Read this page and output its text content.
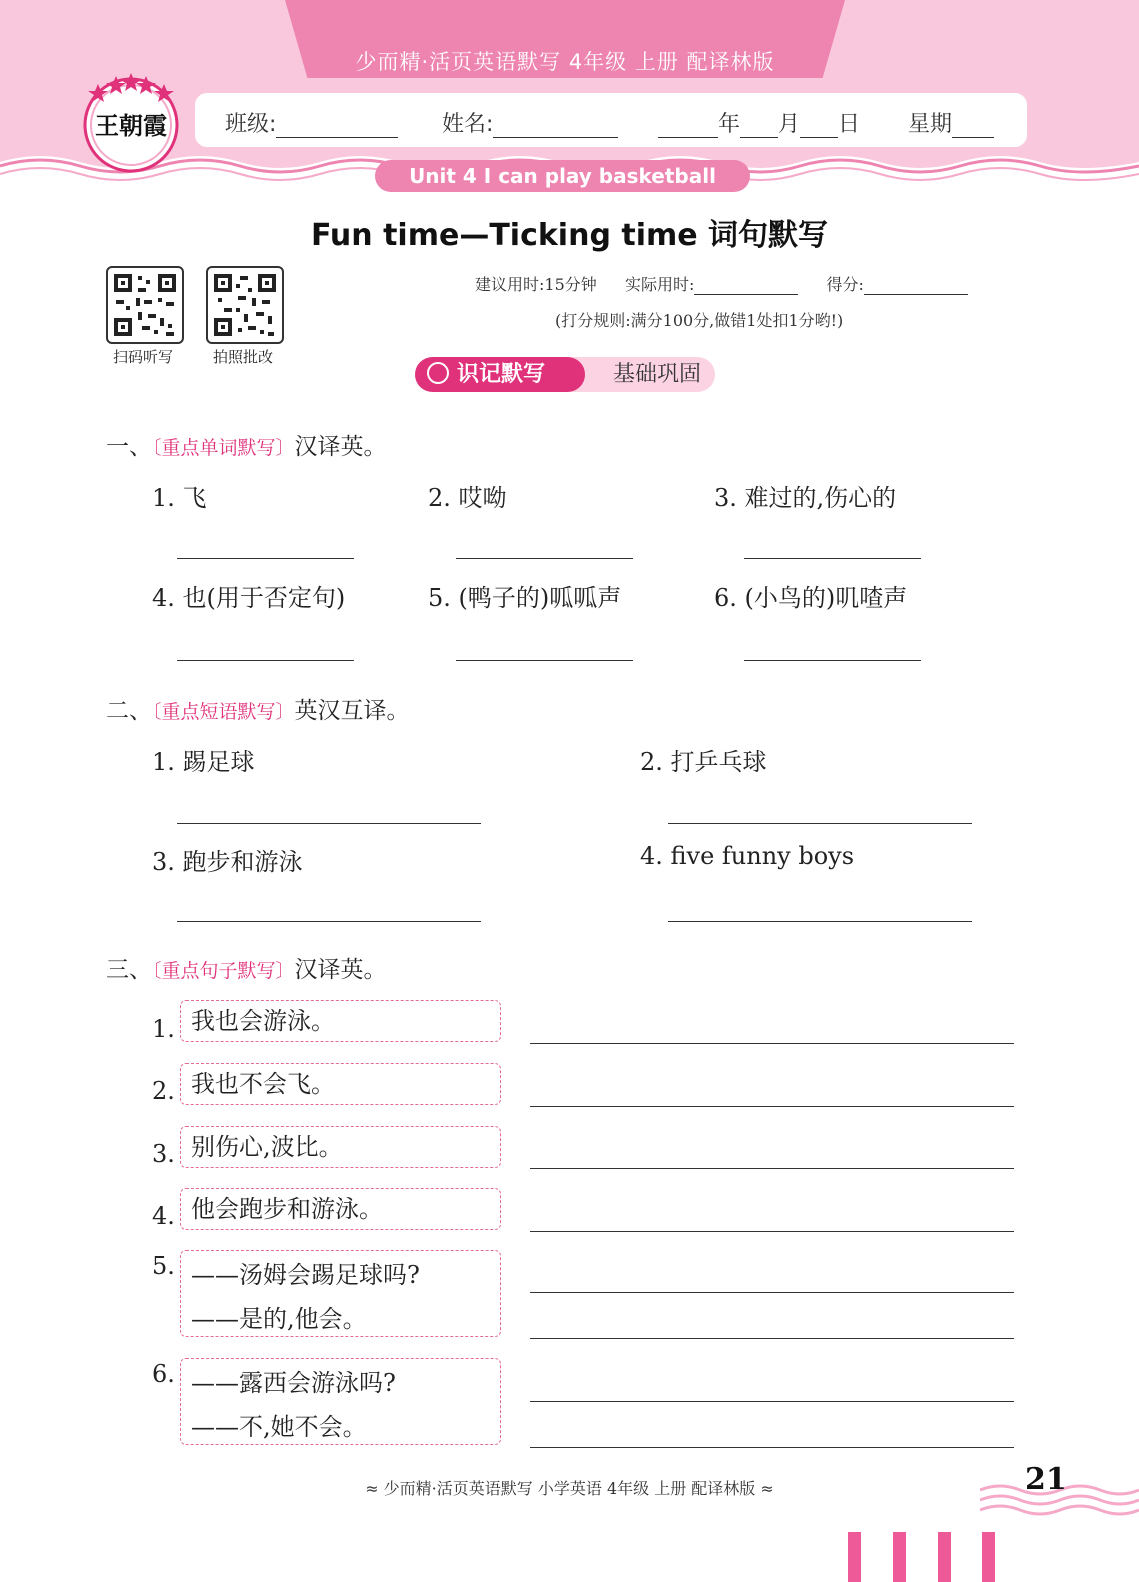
少而精·活页英语默写 4年级 上册 配译林版
班级:	姓名:	年 月 日 星期
王朝霞
Unit 4 I can play basketball
Fun time—Ticking time 词句默写
扫码听写	拍照批改
建议用时:15分钟 实际用时:	得分:
(打分规则:满分100分,做错1处扣1分哟!)
基础巩固
识记默写
一、〔重点单词默写〕汉译英。
1. 飞	2. 哎呦	3. 难过的,伤心的
4. 也(用于否定句)	5. (鸭子的)呱呱声	6. (小鸟的)叽喳声
二、〔重点短语默写〕英汉互译。
1. 踢足球	2. 打乒乓球
3. 跑步和游泳	4. five funny boys
三、〔重点句子默写〕汉译英。
1. 我也会游泳。
2. 我也不会飞。
3. 别伤心,波比。
4. 他会跑步和游泳。
5. ——汤姆会踢足球吗?
——是的,他会。
6. ——露西会游泳吗?
——不,她不会。
≈ 少而精·活页英语默写 小学英语 4年级 上册 配译林版 ≈	21
